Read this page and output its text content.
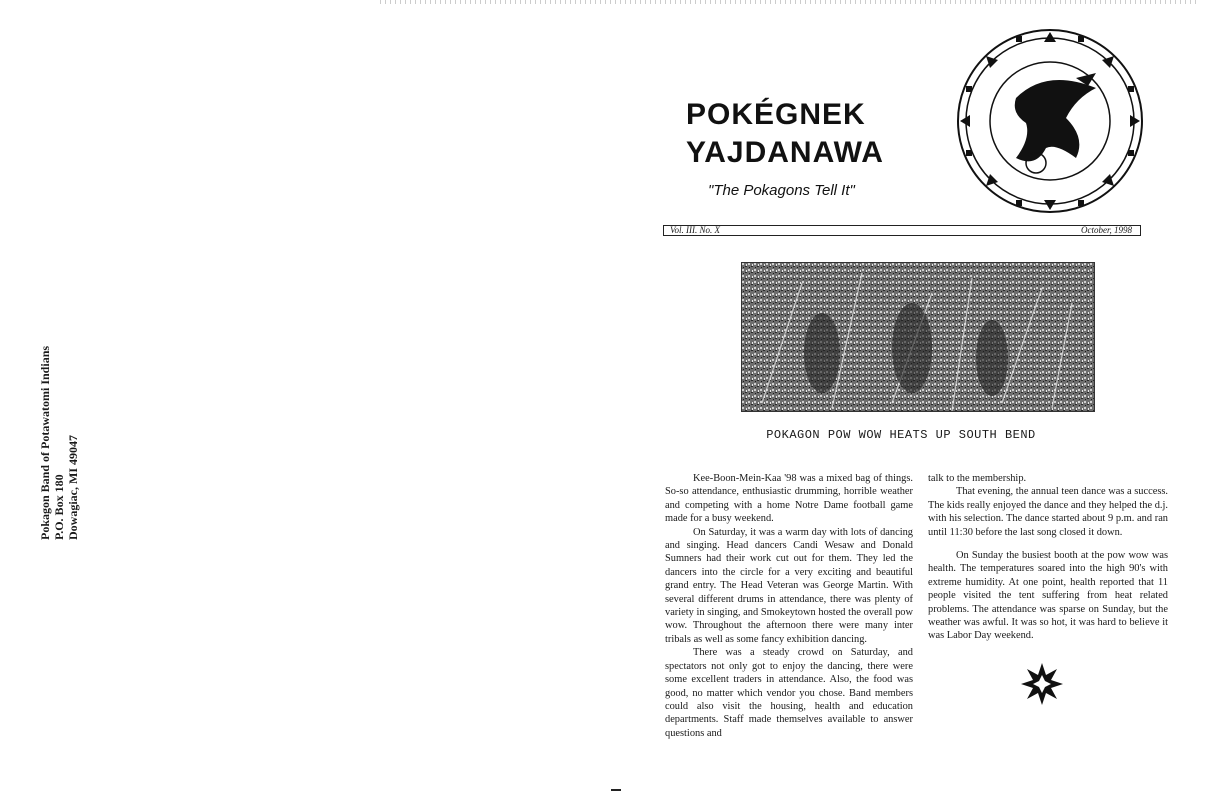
Pokagon Band of Potawatomi Indians P.O. Box 180 Dowagiac, MI 49047
POKÉGNEK
YAJDANAWA
"The Pokagons Tell It"
Vol. III. No. X	October, 1998
POKAGON POW WOW HEATS UP SOUTH BEND

Kee-Boon-Mein-Kaa '98 was a mixed bag of things. So-so attendance, enthusiastic drumming, horrible weather and competing with a home Notre Dame football game made for a busy weekend.

On Saturday, it was a warm day with lots of dancing and singing. Head dancers Candi Wesaw and Donald Sumners had their work cut out for them. They led the dancers into the circle for a very exciting and beautiful grand entry. The Head Veteran was George Martin. With several different drums in attendance, there was plenty of variety in singing, and Smokeytown hosted the overall pow wow. Throughout the afternoon there were many inter tribals as well as some fancy exhibition dancing.

There was a steady crowd on Saturday, and spectators not only got to enjoy the dancing, there were some excellent traders in attendance. Also, the food was good, no matter which vendor you chose. Band members could also visit the housing, health and education departments. Staff made themselves available to answer questions and

talk to the membership.

That evening, the annual teen dance was a success. The kids really enjoyed the dance and they helped the d.j. with his selection. The dance started about 9 p.m. and ran until 11:30 before the last song closed it down.

On Sunday the busiest booth at the pow wow was health. The temperatures soared into the high 90's with extreme humidity. At one point, health reported that 11 people visited the tent suffering from heat related problems. The attendance was sparse on Sunday, but the weather was awful. It was so hot, it was hard to believe it was Labor Day weekend.
